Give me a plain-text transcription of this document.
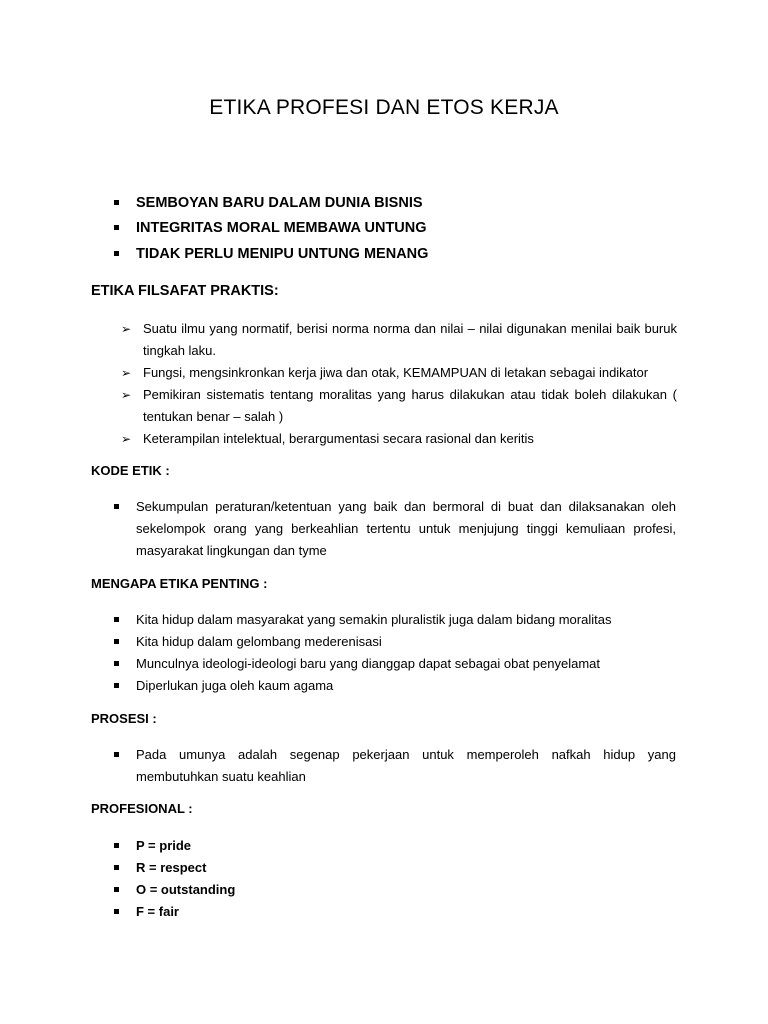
ETIKA PROFESI DAN ETOS KERJA
SEMBOYAN BARU DALAM DUNIA BISNIS
INTEGRITAS MORAL MEMBAWA UNTUNG
TIDAK PERLU MENIPU UNTUNG MENANG
ETIKA FILSAFAT PRAKTIS:
➢ Suatu ilmu yang normatif, berisi norma norma dan nilai – nilai digunakan menilai baik buruk tingkah laku.
➢ Fungsi, mengsinkronkan kerja jiwa dan otak, KEMAMPUAN di letakan sebagai indikator
➢ Pemikiran sistematis tentang moralitas yang harus dilakukan atau tidak boleh dilakukan ( tentukan benar – salah )
➢ Keterampilan intelektual, berargumentasi secara rasional dan keritis
KODE ETIK :
Sekumpulan peraturan/ketentuan yang baik dan bermoral di buat dan dilaksanakan oleh sekelompok orang yang berkeahlian tertentu untuk menjujung tinggi kemuliaan profesi, masyarakat lingkungan dan tyme
MENGAPA ETIKA PENTING :
Kita hidup dalam masyarakat yang semakin pluralistik juga dalam bidang moralitas
Kita hidup dalam gelombang mederenisasi
Munculnya ideologi-ideologi baru yang dianggap dapat sebagai obat penyelamat
Diperlukan juga oleh kaum agama
PROSESI :
Pada umunya adalah segenap pekerjaan untuk memperoleh nafkah hidup yang membutuhkan suatu keahlian
PROFESIONAL :
P = pride
R = respect
O = outstanding
F = fair
